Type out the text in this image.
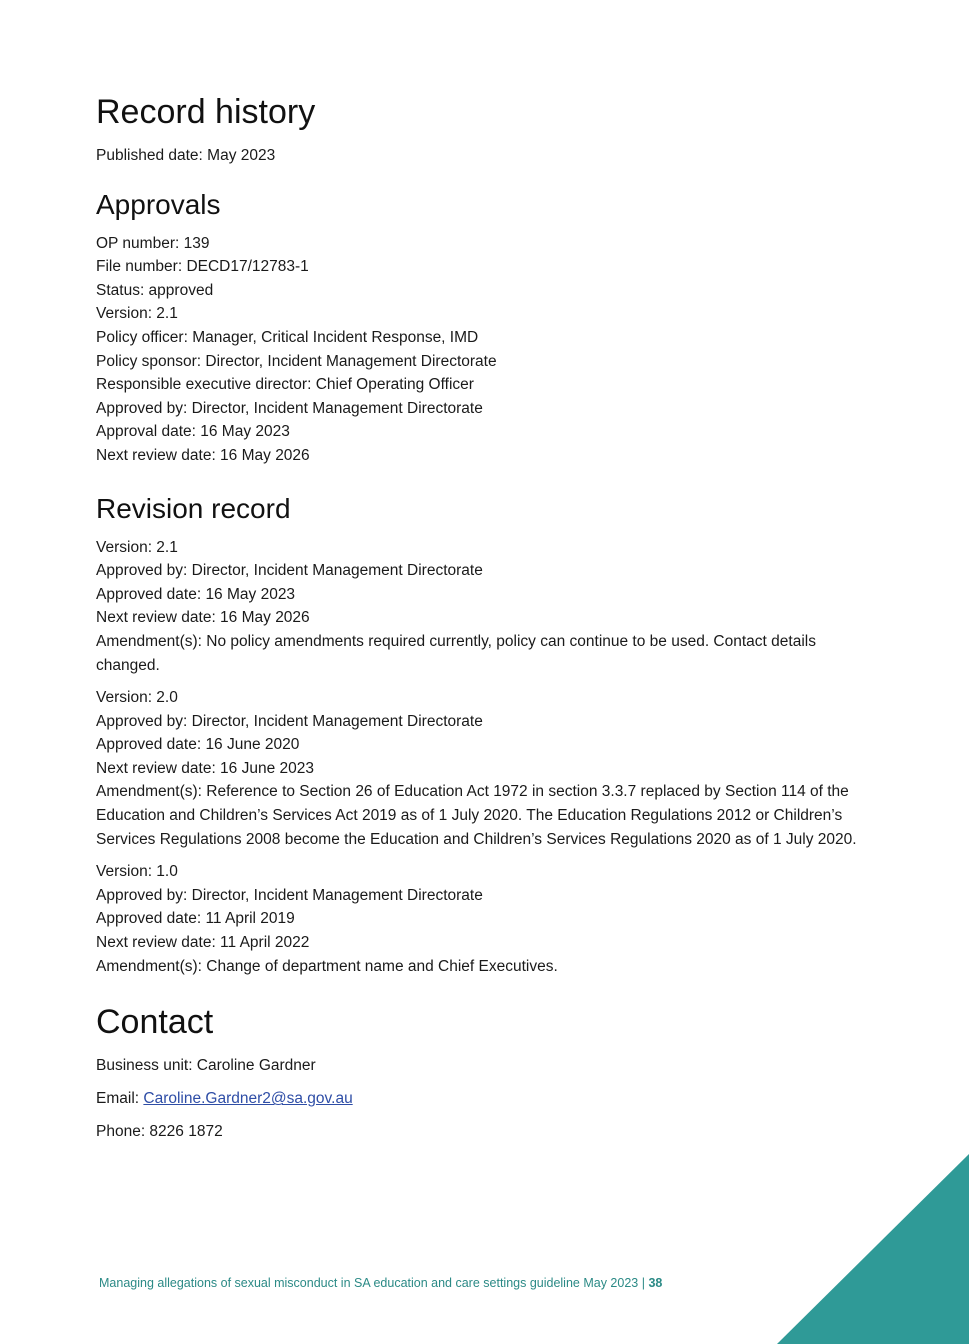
Record history

Published date: May 2023

Approvals

OP number: 139

File number: DECD17/12783-1

Status: approved

Version: 2.1

Policy officer: Manager, Critical Incident Response, IMD

Policy sponsor: Director, Incident Management Directorate

Responsible executive director: Chief Operating Officer

Approved by: Director, Incident Management Directorate

Approval date: 16 May 2023

Next review date: 16 May 2026

Revision record

Version: 2.1

Approved by: Director, Incident Management Directorate

Approved date: 16 May 2023

Next review date: 16 May 2026

Amendment(s): No policy amendments required currently, policy can continue to be used. Contact details changed.

Version: 2.0

Approved by: Director, Incident Management Directorate

Approved date: 16 June 2020

Next review date: 16 June 2023

Amendment(s): Reference to Section 26 of Education Act 1972 in section 3.3.7 replaced by Section 114 of the Education and Children’s Services Act 2019 as of 1 July 2020. The Education Regulations 2012 or Children’s Services Regulations 2008 become the Education and Children’s Services Regulations 2020 as of 1 July 2020.

Version: 1.0

Approved by: Director, Incident Management Directorate

Approved date: 11 April 2019

Next review date: 11 April 2022

Amendment(s): Change of department name and Chief Executives.

Contact

Business unit: Caroline Gardner

Email: Caroline.Gardner2@sa.gov.au

Phone: 8226 1872

Managing allegations of sexual misconduct in SA education and care settings guideline May 2023 | 38
